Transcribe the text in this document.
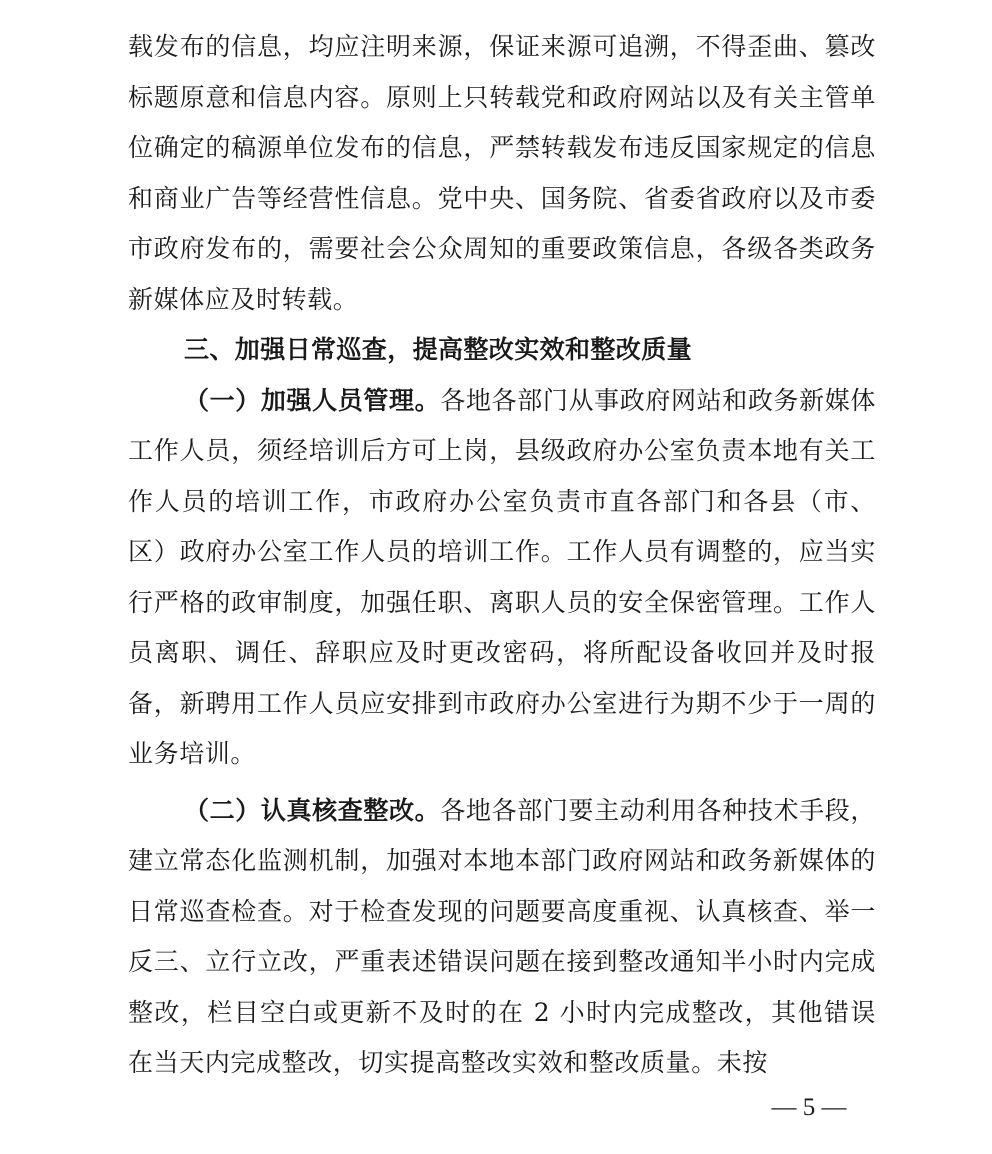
载发布的信息，均应注明来源，保证来源可追溯，不得歪曲、篡改标题原意和信息内容。原则上只转载党和政府网站以及有关主管单位确定的稿源单位发布的信息，严禁转载发布违反国家规定的信息和商业广告等经营性信息。党中央、国务院、省委省政府以及市委市政府发布的，需要社会公众周知的重要政策信息，各级各类政务新媒体应及时转载。

三、加强日常巡查，提高整改实效和整改质量

（一）加强人员管理。各地各部门从事政府网站和政务新媒体工作人员，须经培训后方可上岗，县级政府办公室负责本地有关工作人员的培训工作，市政府办公室负责市直各部门和各县（市、区）政府办公室工作人员的培训工作。工作人员有调整的，应当实行严格的政审制度，加强任职、离职人员的安全保密管理。工作人员离职、调任、辞职应及时更改密码，将所配设备收回并及时报备，新聘用工作人员应安排到市政府办公室进行为期不少于一周的业务培训。

（二）认真核查整改。各地各部门要主动利用各种技术手段，建立常态化监测机制，加强对本地本部门政府网站和政务新媒体的日常巡查检查。对于检查发现的问题要高度重视、认真核查、举一反三、立行立改，严重表述错误问题在接到整改通知半小时内完成整改，栏目空白或更新不及时的在 2 小时内完成整改，其他错误在当天内完成整改，切实提高整改实效和整改质量。未按

— 5 —
